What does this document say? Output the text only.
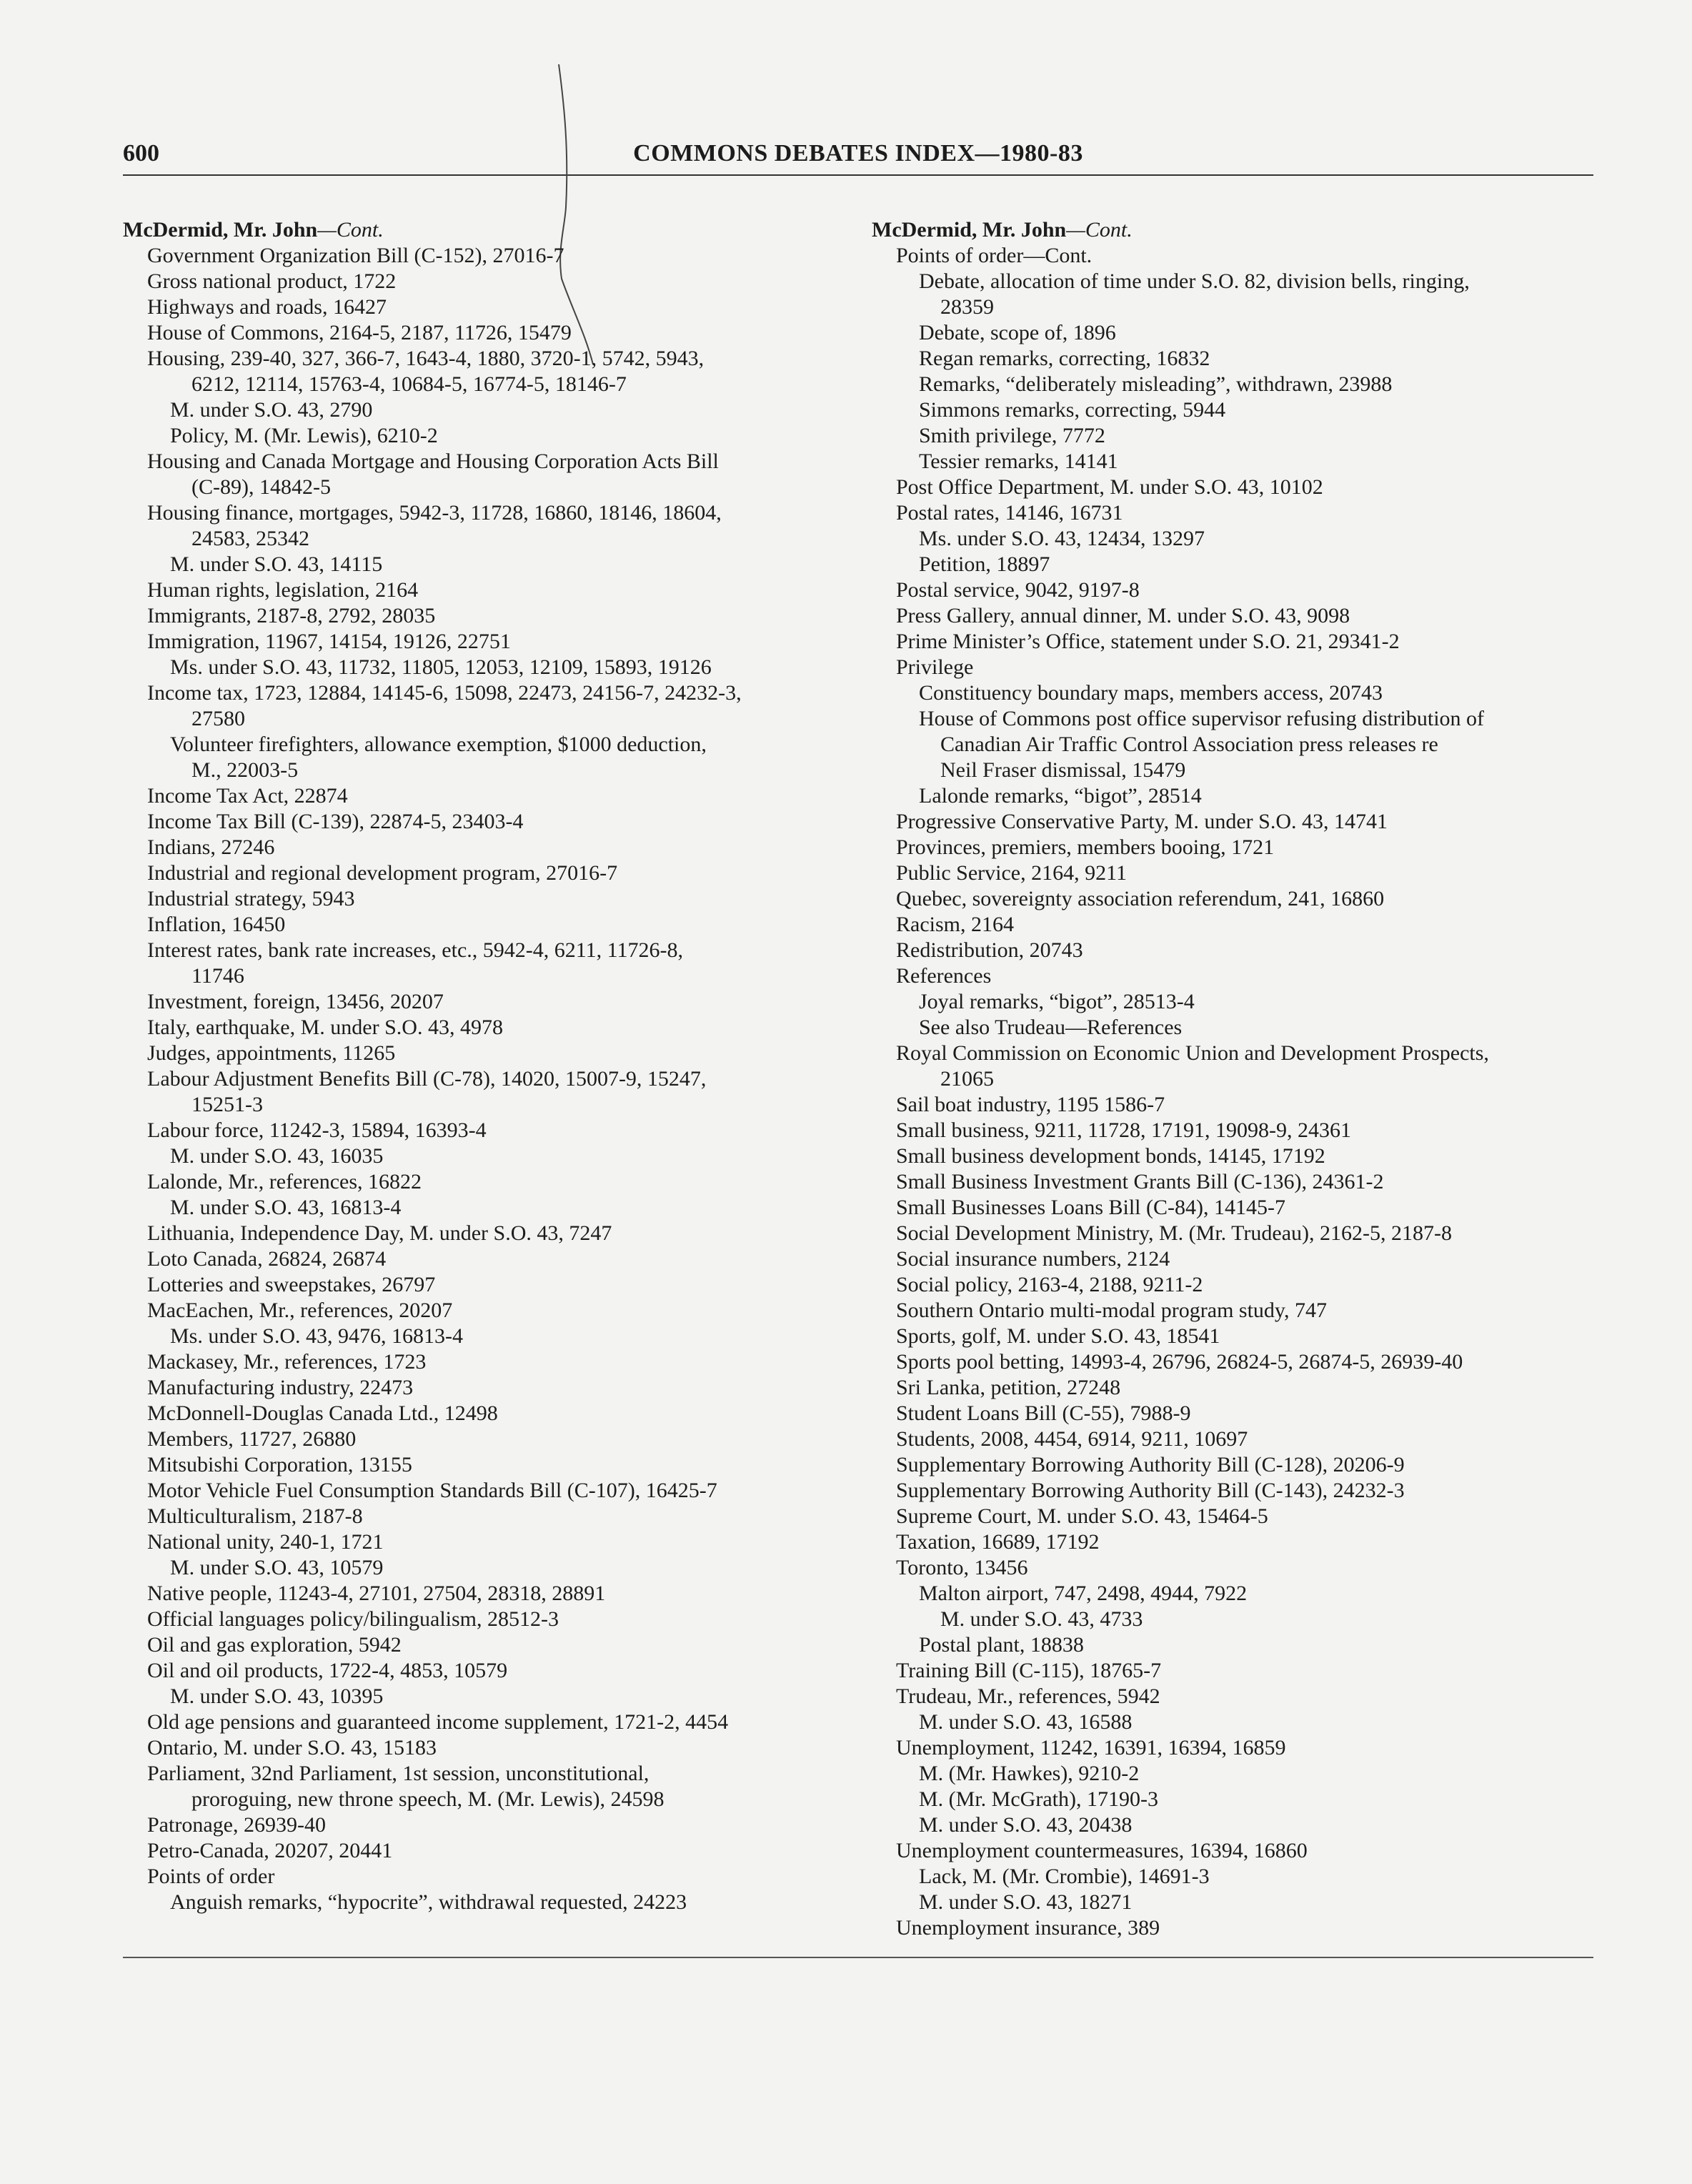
600	COMMONS DEBATES INDEX—1980-83
McDermid, Mr. John—Cont.
Government Organization Bill (C-152), 27016-7
Gross national product, 1722
Highways and roads, 16427
House of Commons, 2164-5, 2187, 11726, 15479
Housing, 239-40, 327, 366-7, 1643-4, 1880, 3720-1, 5742, 5943,
6212, 12114, 15763-4, 10684-5, 16774-5, 18146-7
M. under S.O. 43, 2790
Policy, M. (Mr. Lewis), 6210-2
Housing and Canada Mortgage and Housing Corporation Acts Bill
(C-89), 14842-5
Housing finance, mortgages, 5942-3, 11728, 16860, 18146, 18604,
24583, 25342
M. under S.O. 43, 14115
Human rights, legislation, 2164
Immigrants, 2187-8, 2792, 28035
Immigration, 11967, 14154, 19126, 22751
Ms. under S.O. 43, 11732, 11805, 12053, 12109, 15893, 19126
Income tax, 1723, 12884, 14145-6, 15098, 22473, 24156-7, 24232-3,
27580
Volunteer firefighters, allowance exemption, $1000 deduction,
M., 22003-5
Income Tax Act, 22874
Income Tax Bill (C-139), 22874-5, 23403-4
Indians, 27246
Industrial and regional development program, 27016-7
Industrial strategy, 5943
Inflation, 16450
Interest rates, bank rate increases, etc., 5942-4, 6211, 11726-8,
11746
Investment, foreign, 13456, 20207
Italy, earthquake, M. under S.O. 43, 4978
Judges, appointments, 11265
Labour Adjustment Benefits Bill (C-78), 14020, 15007-9, 15247,
15251-3
Labour force, 11242-3, 15894, 16393-4
M. under S.O. 43, 16035
Lalonde, Mr., references, 16822
M. under S.O. 43, 16813-4
Lithuania, Independence Day, M. under S.O. 43, 7247
Loto Canada, 26824, 26874
Lotteries and sweepstakes, 26797
MacEachen, Mr., references, 20207
Ms. under S.O. 43, 9476, 16813-4
Mackasey, Mr., references, 1723
Manufacturing industry, 22473
McDonnell-Douglas Canada Ltd., 12498
Members, 11727, 26880
Mitsubishi Corporation, 13155
Motor Vehicle Fuel Consumption Standards Bill (C-107), 16425-7
Multiculturalism, 2187-8
National unity, 240-1, 1721
M. under S.O. 43, 10579
Native people, 11243-4, 27101, 27504, 28318, 28891
Official languages policy/bilingualism, 28512-3
Oil and gas exploration, 5942
Oil and oil products, 1722-4, 4853, 10579
M. under S.O. 43, 10395
Old age pensions and guaranteed income supplement, 1721-2, 4454
Ontario, M. under S.O. 43, 15183
Parliament, 32nd Parliament, 1st session, unconstitutional,
proroguing, new throne speech, M. (Mr. Lewis), 24598
Patronage, 26939-40
Petro-Canada, 20207, 20441
Points of order
Anguish remarks, “hypocrite”, withdrawal requested, 24223
McDermid, Mr. John—Cont.
Points of order—Cont.
Debate, allocation of time under S.O. 82, division bells, ringing,
28359
Debate, scope of, 1896
Regan remarks, correcting, 16832
Remarks, “deliberately misleading”, withdrawn, 23988
Simmons remarks, correcting, 5944
Smith privilege, 7772
Tessier remarks, 14141
Post Office Department, M. under S.O. 43, 10102
Postal rates, 14146, 16731
Ms. under S.O. 43, 12434, 13297
Petition, 18897
Postal service, 9042, 9197-8
Press Gallery, annual dinner, M. under S.O. 43, 9098
Prime Minister’s Office, statement under S.O. 21, 29341-2
Privilege
Constituency boundary maps, members access, 20743
House of Commons post office supervisor refusing distribution of
Canadian Air Traffic Control Association press releases re
Neil Fraser dismissal, 15479
Lalonde remarks, “bigot”, 28514
Progressive Conservative Party, M. under S.O. 43, 14741
Provinces, premiers, members booing, 1721
Public Service, 2164, 9211
Quebec, sovereignty association referendum, 241, 16860
Racism, 2164
Redistribution, 20743
References
Joyal remarks, “bigot”, 28513-4
See also Trudeau—References
Royal Commission on Economic Union and Development Prospects,
21065
Sail boat industry, 1195 1586-7
Small business, 9211, 11728, 17191, 19098-9, 24361
Small business development bonds, 14145, 17192
Small Business Investment Grants Bill (C-136), 24361-2
Small Businesses Loans Bill (C-84), 14145-7
Social Development Ministry, M. (Mr. Trudeau), 2162-5, 2187-8
Social insurance numbers, 2124
Social policy, 2163-4, 2188, 9211-2
Southern Ontario multi-modal program study, 747
Sports, golf, M. under S.O. 43, 18541
Sports pool betting, 14993-4, 26796, 26824-5, 26874-5, 26939-40
Sri Lanka, petition, 27248
Student Loans Bill (C-55), 7988-9
Students, 2008, 4454, 6914, 9211, 10697
Supplementary Borrowing Authority Bill (C-128), 20206-9
Supplementary Borrowing Authority Bill (C-143), 24232-3
Supreme Court, M. under S.O. 43, 15464-5
Taxation, 16689, 17192
Toronto, 13456
Malton airport, 747, 2498, 4944, 7922
M. under S.O. 43, 4733
Postal plant, 18838
Training Bill (C-115), 18765-7
Trudeau, Mr., references, 5942
M. under S.O. 43, 16588
Unemployment, 11242, 16391, 16394, 16859
M. (Mr. Hawkes), 9210-2
M. (Mr. McGrath), 17190-3
M. under S.O. 43, 20438
Unemployment countermeasures, 16394, 16860
Lack, M. (Mr. Crombie), 14691-3
M. under S.O. 43, 18271
Unemployment insurance, 389
